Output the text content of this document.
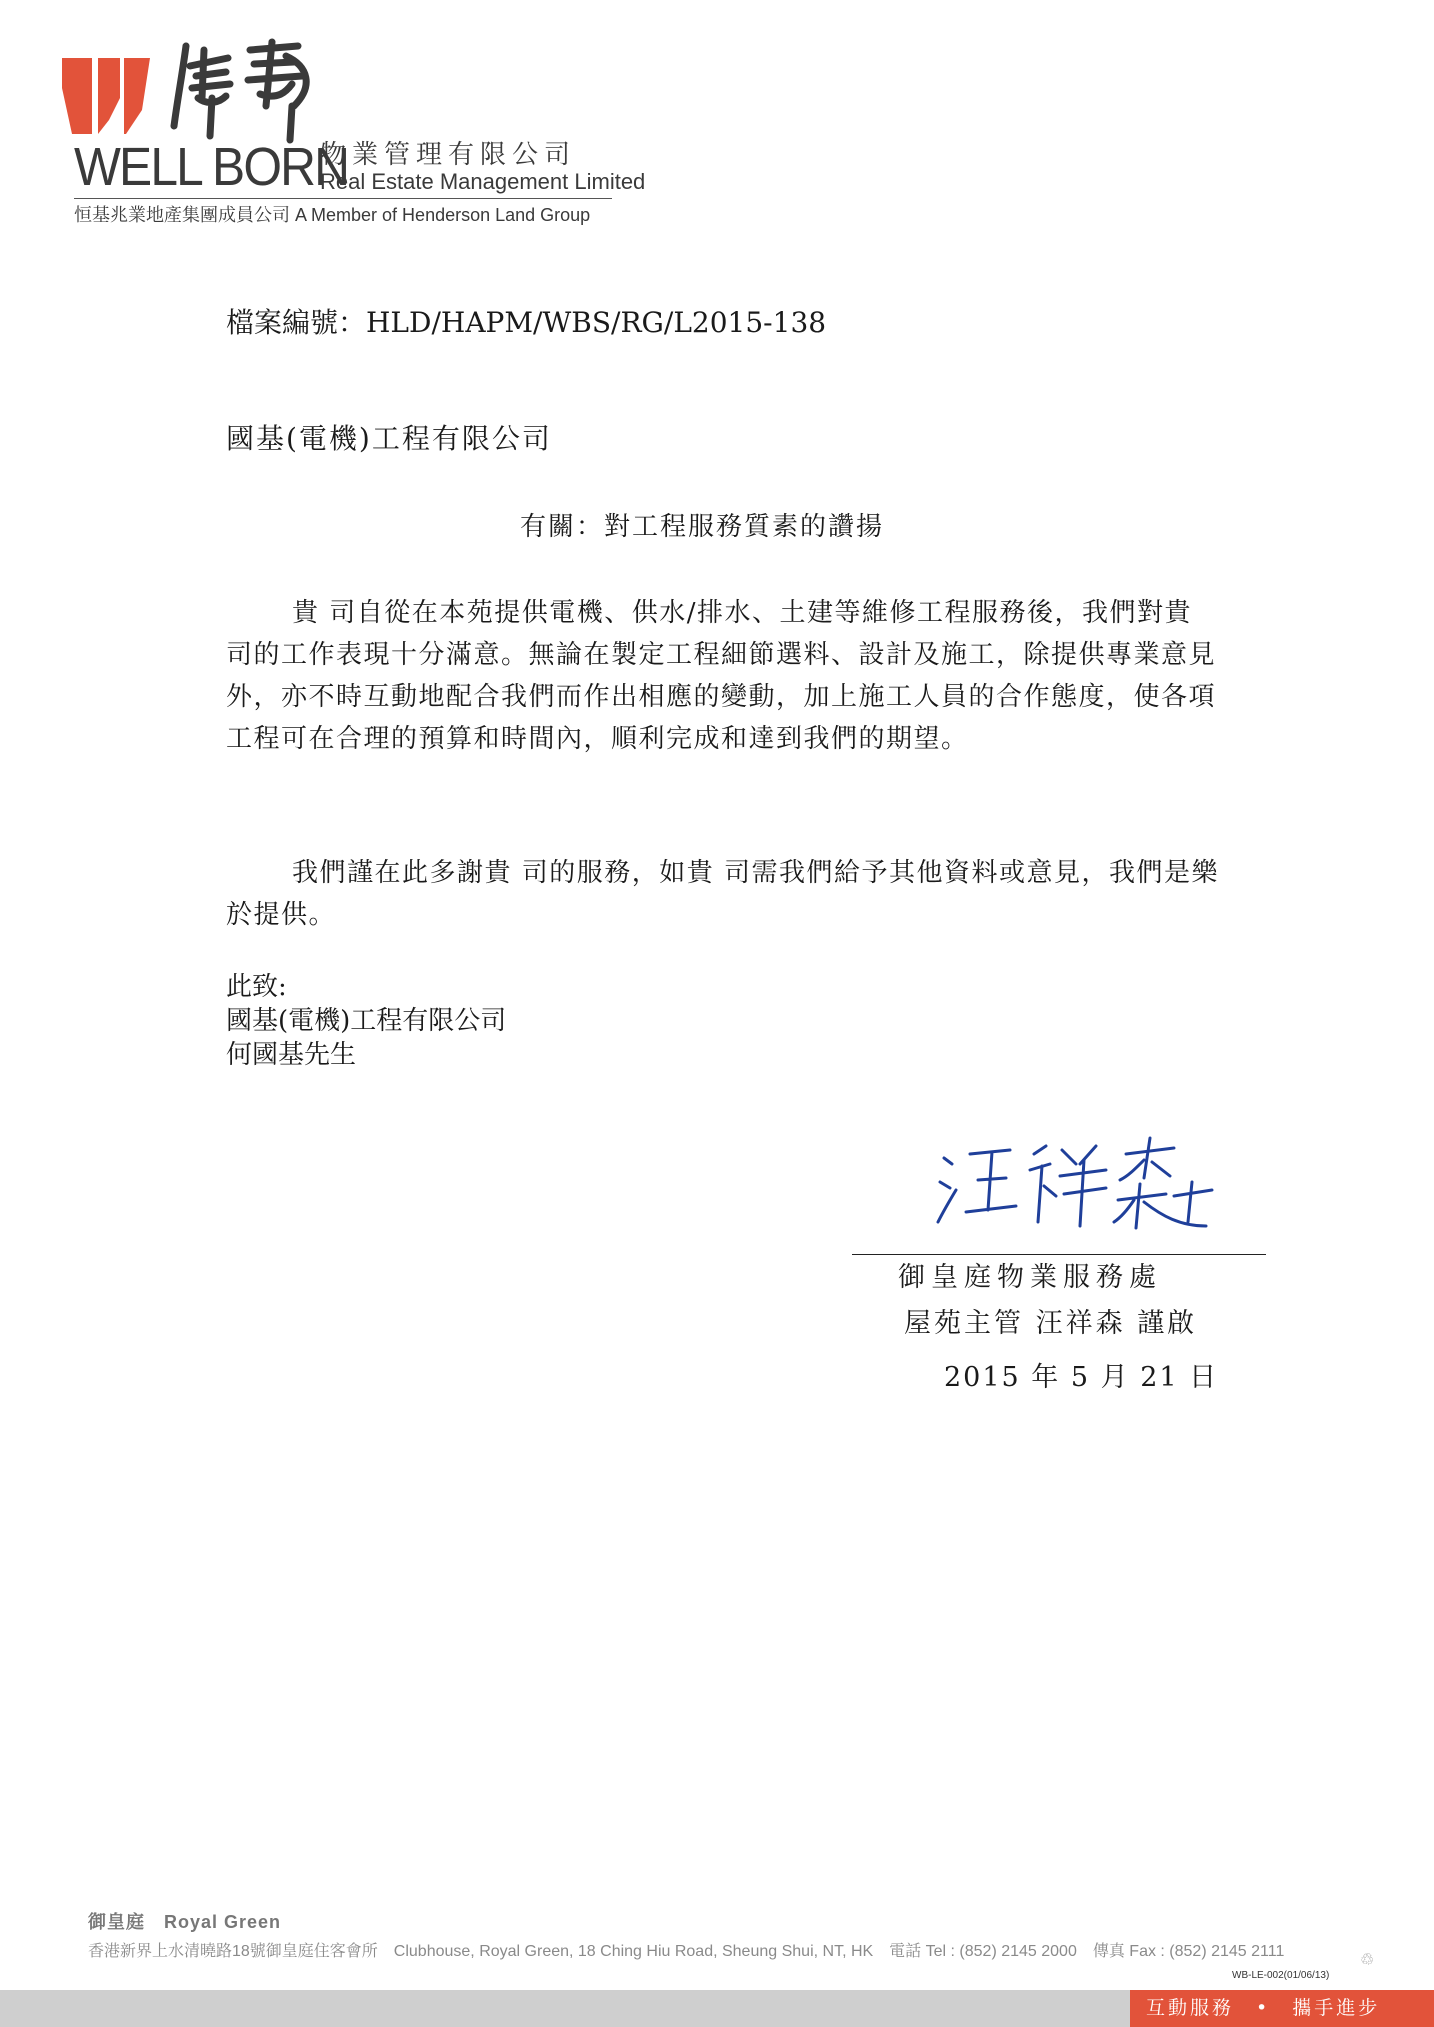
WELL BORN
物業管理有限公司
Real Estate Management Limited
恒基兆業地產集團成員公司 A Member of Henderson Land Group
檔案編號：HLD/HAPM/WBS/RG/L2015-138
國基(電機)工程有限公司
有關：對工程服務質素的讚揚
貴 司自從在本苑提供電機、供水/排水、土建等維修工程服務後，我們對貴 司的工作表現十分滿意。無論在製定工程細節選料、設計及施工，除提供專業意見外，亦不時互動地配合我們而作出相應的變動，加上施工人員的合作態度，使各項工程可在合理的預算和時間內，順利完成和達到我們的期望。
我們謹在此多謝貴 司的服務，如貴 司需我們給予其他資料或意見，我們是樂於提供。
此致:
國基(電機)工程有限公司
何國基先生
御皇庭物業服務處
屋苑主管 汪祥森 謹啟
2015 年 5 月 21 日
御皇庭　Royal Green
香港新界上水清曉路18號御皇庭住客會所　Clubhouse, Royal Green, 18 Ching Hiu Road, Sheung Shui, NT, HK　電話 Tel : (852) 2145 2000　傳真 Fax : (852) 2145 2111	♲
WB-LE-002(01/06/13)
互動服務　•　攜手進步
